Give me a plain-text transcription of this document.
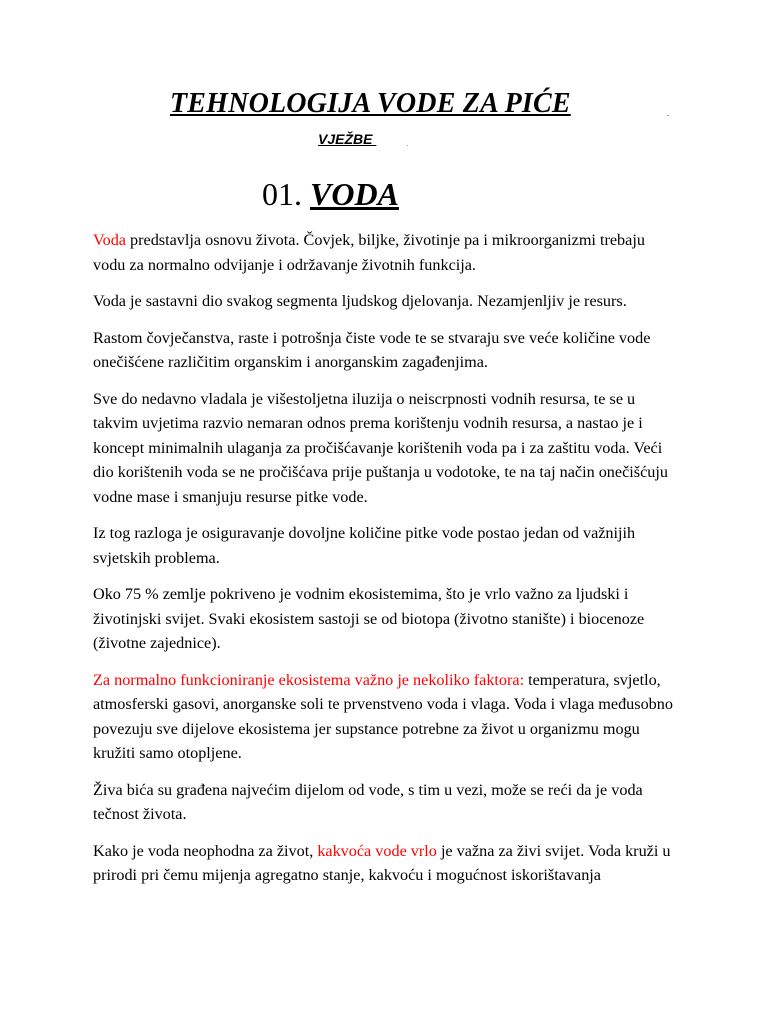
TEHNOLOGIJA VODE ZA PIĆE	.
VJEŽBE	.
01. VODA

Voda predstavlja osnovu života. Čovjek, biljke, životinje pa i mikroorganizmi trebaju vodu za normalno odvijanje i održavanje životnih funkcija.

Voda je sastavni dio svakog segmenta ljudskog djelovanja. Nezamjenljiv je resurs.

Rastom čovječanstva, raste i potrošnja čiste vode te se stvaraju sve veće količine vode onečišćene različitim organskim i anorganskim zagađenjima.

Sve do nedavno vladala je višestoljetna iluzija o neiscrpnosti vodnih resursa, te se u takvim uvjetima razvio nemaran odnos prema korištenju vodnih resursa, a nastao je i koncept minimalnih ulaganja za pročišćavanje korištenih voda pa i za zaštitu voda. Veći dio korištenih voda se ne pročišćava prije puštanja u vodotoke, te na taj način onečišćuju vodne mase i smanjuju resurse pitke vode.

Iz tog razloga je osiguravanje dovoljne količine pitke vode postao jedan od važnijih svjetskih problema.

Oko 75 % zemlje pokriveno je vodnim ekosistemima, što je vrlo važno za ljudski i životinjski svijet. Svaki ekosistem sastoji se od biotopa (životno stanište) i biocenoze (životne zajednice).

Za normalno funkcioniranje ekosistema važno je nekoliko faktora: temperatura, svjetlo, atmosferski gasovi, anorganske soli te prvenstveno voda i vlaga. Voda i vlaga međusobno povezuju sve dijelove ekosistema jer supstance potrebne za život u organizmu mogu kružiti samo otopljene.

Živa bića su građena najvećim dijelom od vode, s tim u vezi, može se reći da je voda tečnost života.

Kako je voda neophodna za život, kakvoća vode vrlo je važna za živi svijet. Voda kruži u prirodi pri čemu mijenja agregatno stanje, kakvoću i mogućnost iskorištavanja
